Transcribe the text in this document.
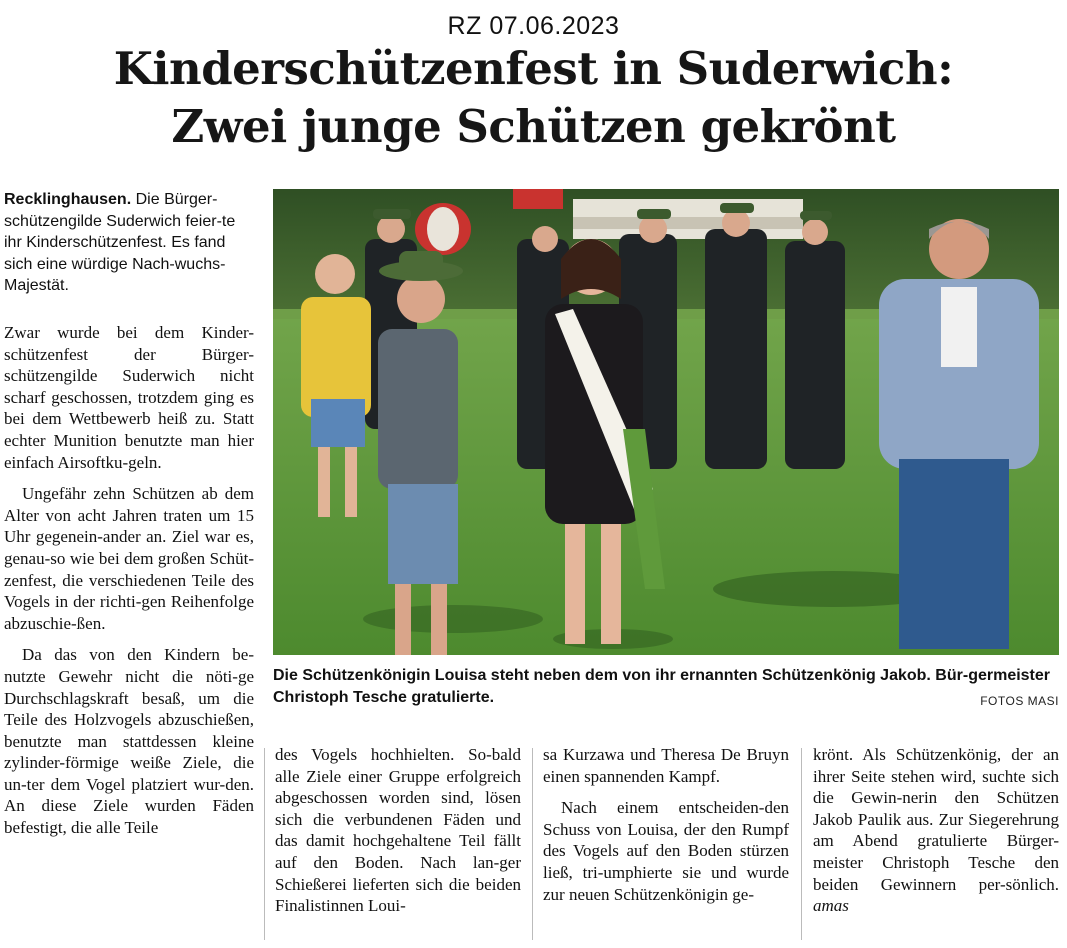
RZ 07.06.2023
Kinderschützenfest in Suderwich:
Zwei junge Schützen gekrönt
Recklinghausen. Die Bürger-schützengilde Suderwich feier-te ihr Kinderschützenfest. Es fand sich eine würdige Nach-wuchs-Majestät.

Zwar wurde bei dem Kinder-schützenfest der Bürger-schützengilde Suderwich nicht scharf geschossen, trotzdem ging es bei dem Wettbewerb heiß zu. Statt echter Munition benutzte man hier einfach Airsoftku-geln.

Ungefähr zehn Schützen ab dem Alter von acht Jahren traten um 15 Uhr gegenein-ander an. Ziel war es, genau-so wie bei dem großen Schüt-zenfest, die verschiedenen Teile des Vogels in der richti-gen Reihenfolge abzuschie-ßen.

Da das von den Kindern be-nutzte Gewehr nicht die nöti-ge Durchschlagskraft besaß, um die Teile des Holzvogels abzuschießen, benutzte man stattdessen kleine zylinder-förmige weiße Ziele, die un-ter dem Vogel platziert wur-den. An diese Ziele wurden Fäden befestigt, die alle Teile

Die Schützenkönigin Louisa steht neben dem von ihr ernannten Schützenkönig Jakob. Bür-germeister Christoph Tesche gratulierte.	FOTOS MASI

des Vogels hochhielten. So-bald alle Ziele einer Gruppe erfolgreich abgeschossen worden sind, lösen sich die verbundenen Fäden und das damit hochgehaltene Teil fällt auf den Boden. Nach lan-ger Schießerei lieferten sich die beiden Finalistinnen Loui-

sa Kurzawa und Theresa De Bruyn einen spannenden Kampf.

Nach einem entscheiden-den Schuss von Louisa, der den Rumpf des Vogels auf den Boden stürzen ließ, tri-umphierte sie und wurde zur neuen Schützenkönigin ge-

krönt. Als Schützenkönig, der an ihrer Seite stehen wird, suchte sich die Gewin-nerin den Schützen Jakob Paulik aus. Zur Siegerehrung am Abend gratulierte Bürger-meister Christoph Tesche den beiden Gewinnern per-sönlich. amas
